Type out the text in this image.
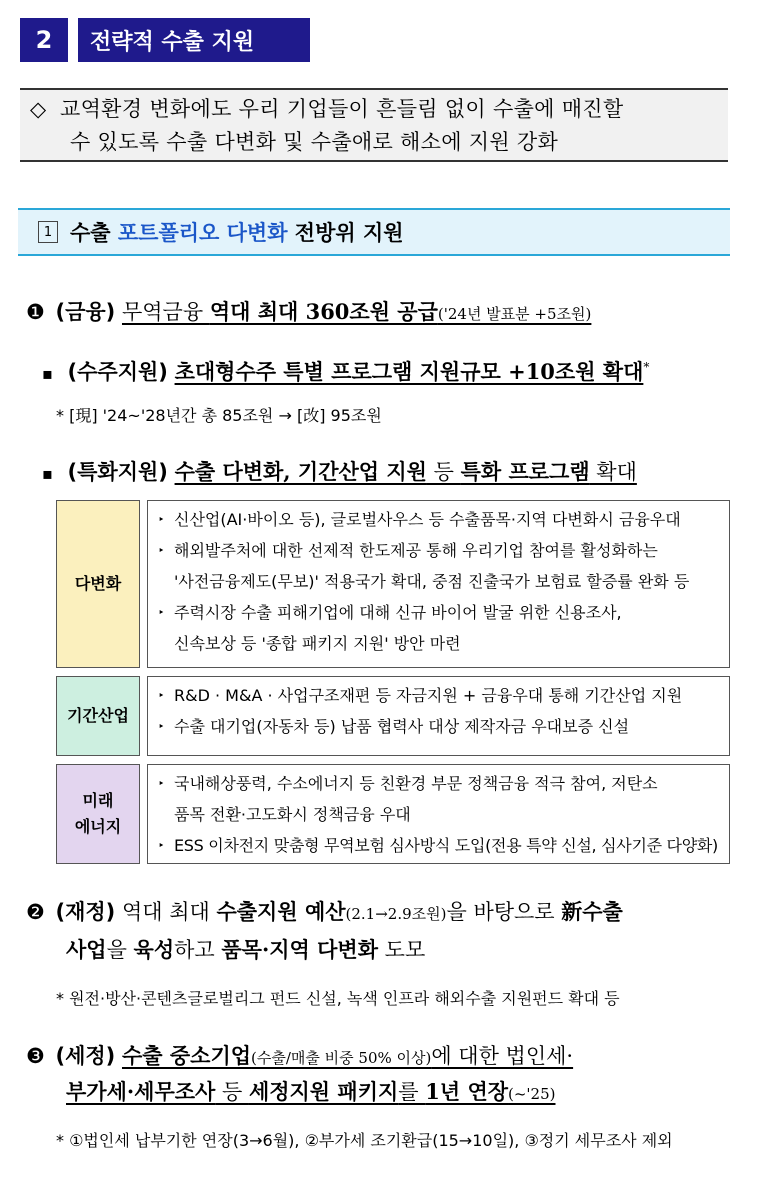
2	전략적 수출 지원
◇ 교역환경 변화에도 우리 기업들이 흔들림 없이 수출에 매진할
수 있도록 수출 다변화 및 수출애로 해소에 지원 강화
1 수출 포트폴리오 다변화 전방위 지원
❶ (금융) 무역금융 역대 최대 360조원 공급('24년 발표분 +5조원)
▪ (수주지원) 초대형수주 특별 프로그램 지원규모 +10조원 확대*
* [現] '24~'28년간 총 85조원 → [改] 95조원
▪ (특화지원) 수출 다변화, 기간산업 지원 등 특화 프로그램 확대
다변화
‣ 신산업(AI·바이오 등), 글로벌사우스 등 수출품목·지역 다변화시 금융우대
‣ 해외발주처에 대한 선제적 한도제공 통해 우리기업 참여를 활성화하는
'사전금융제도(무보)' 적용국가 확대, 중점 진출국가 보험료 할증률 완화 등
‣ 주력시장 수출 피해기업에 대해 신규 바이어 발굴 위한 신용조사,
신속보상 등 '종합 패키지 지원' 방안 마련
기간산업
‣ R&D · M&A · 사업구조재편 등 자금지원 + 금융우대 통해 기간산업 지원
‣ 수출 대기업(자동차 등) 납품 협력사 대상 제작자금 우대보증 신설
미래
에너지
‣ 국내해상풍력, 수소에너지 등 친환경 부문 정책금융 적극 참여, 저탄소
품목 전환·고도화시 정책금융 우대
‣ ESS 이차전지 맞춤형 무역보험 심사방식 도입(전용 특약 신설, 심사기준 다양화)
❷ (재정) 역대 최대 수출지원 예산(2.1→2.9조원)을 바탕으로 新수출
사업을 육성하고 품목·지역 다변화 도모
* 원전·방산·콘텐츠글로벌리그 펀드 신설, 녹색 인프라 해외수출 지원펀드 확대 등
❸ (세정) 수출 중소기업(수출/매출 비중 50% 이상)에 대한 법인세·
부가세·세무조사 등 세정지원 패키지를 1년 연장(~'25)
* ①법인세 납부기한 연장(3→6월), ②부가세 조기환급(15→10일), ③정기 세무조사 제외
